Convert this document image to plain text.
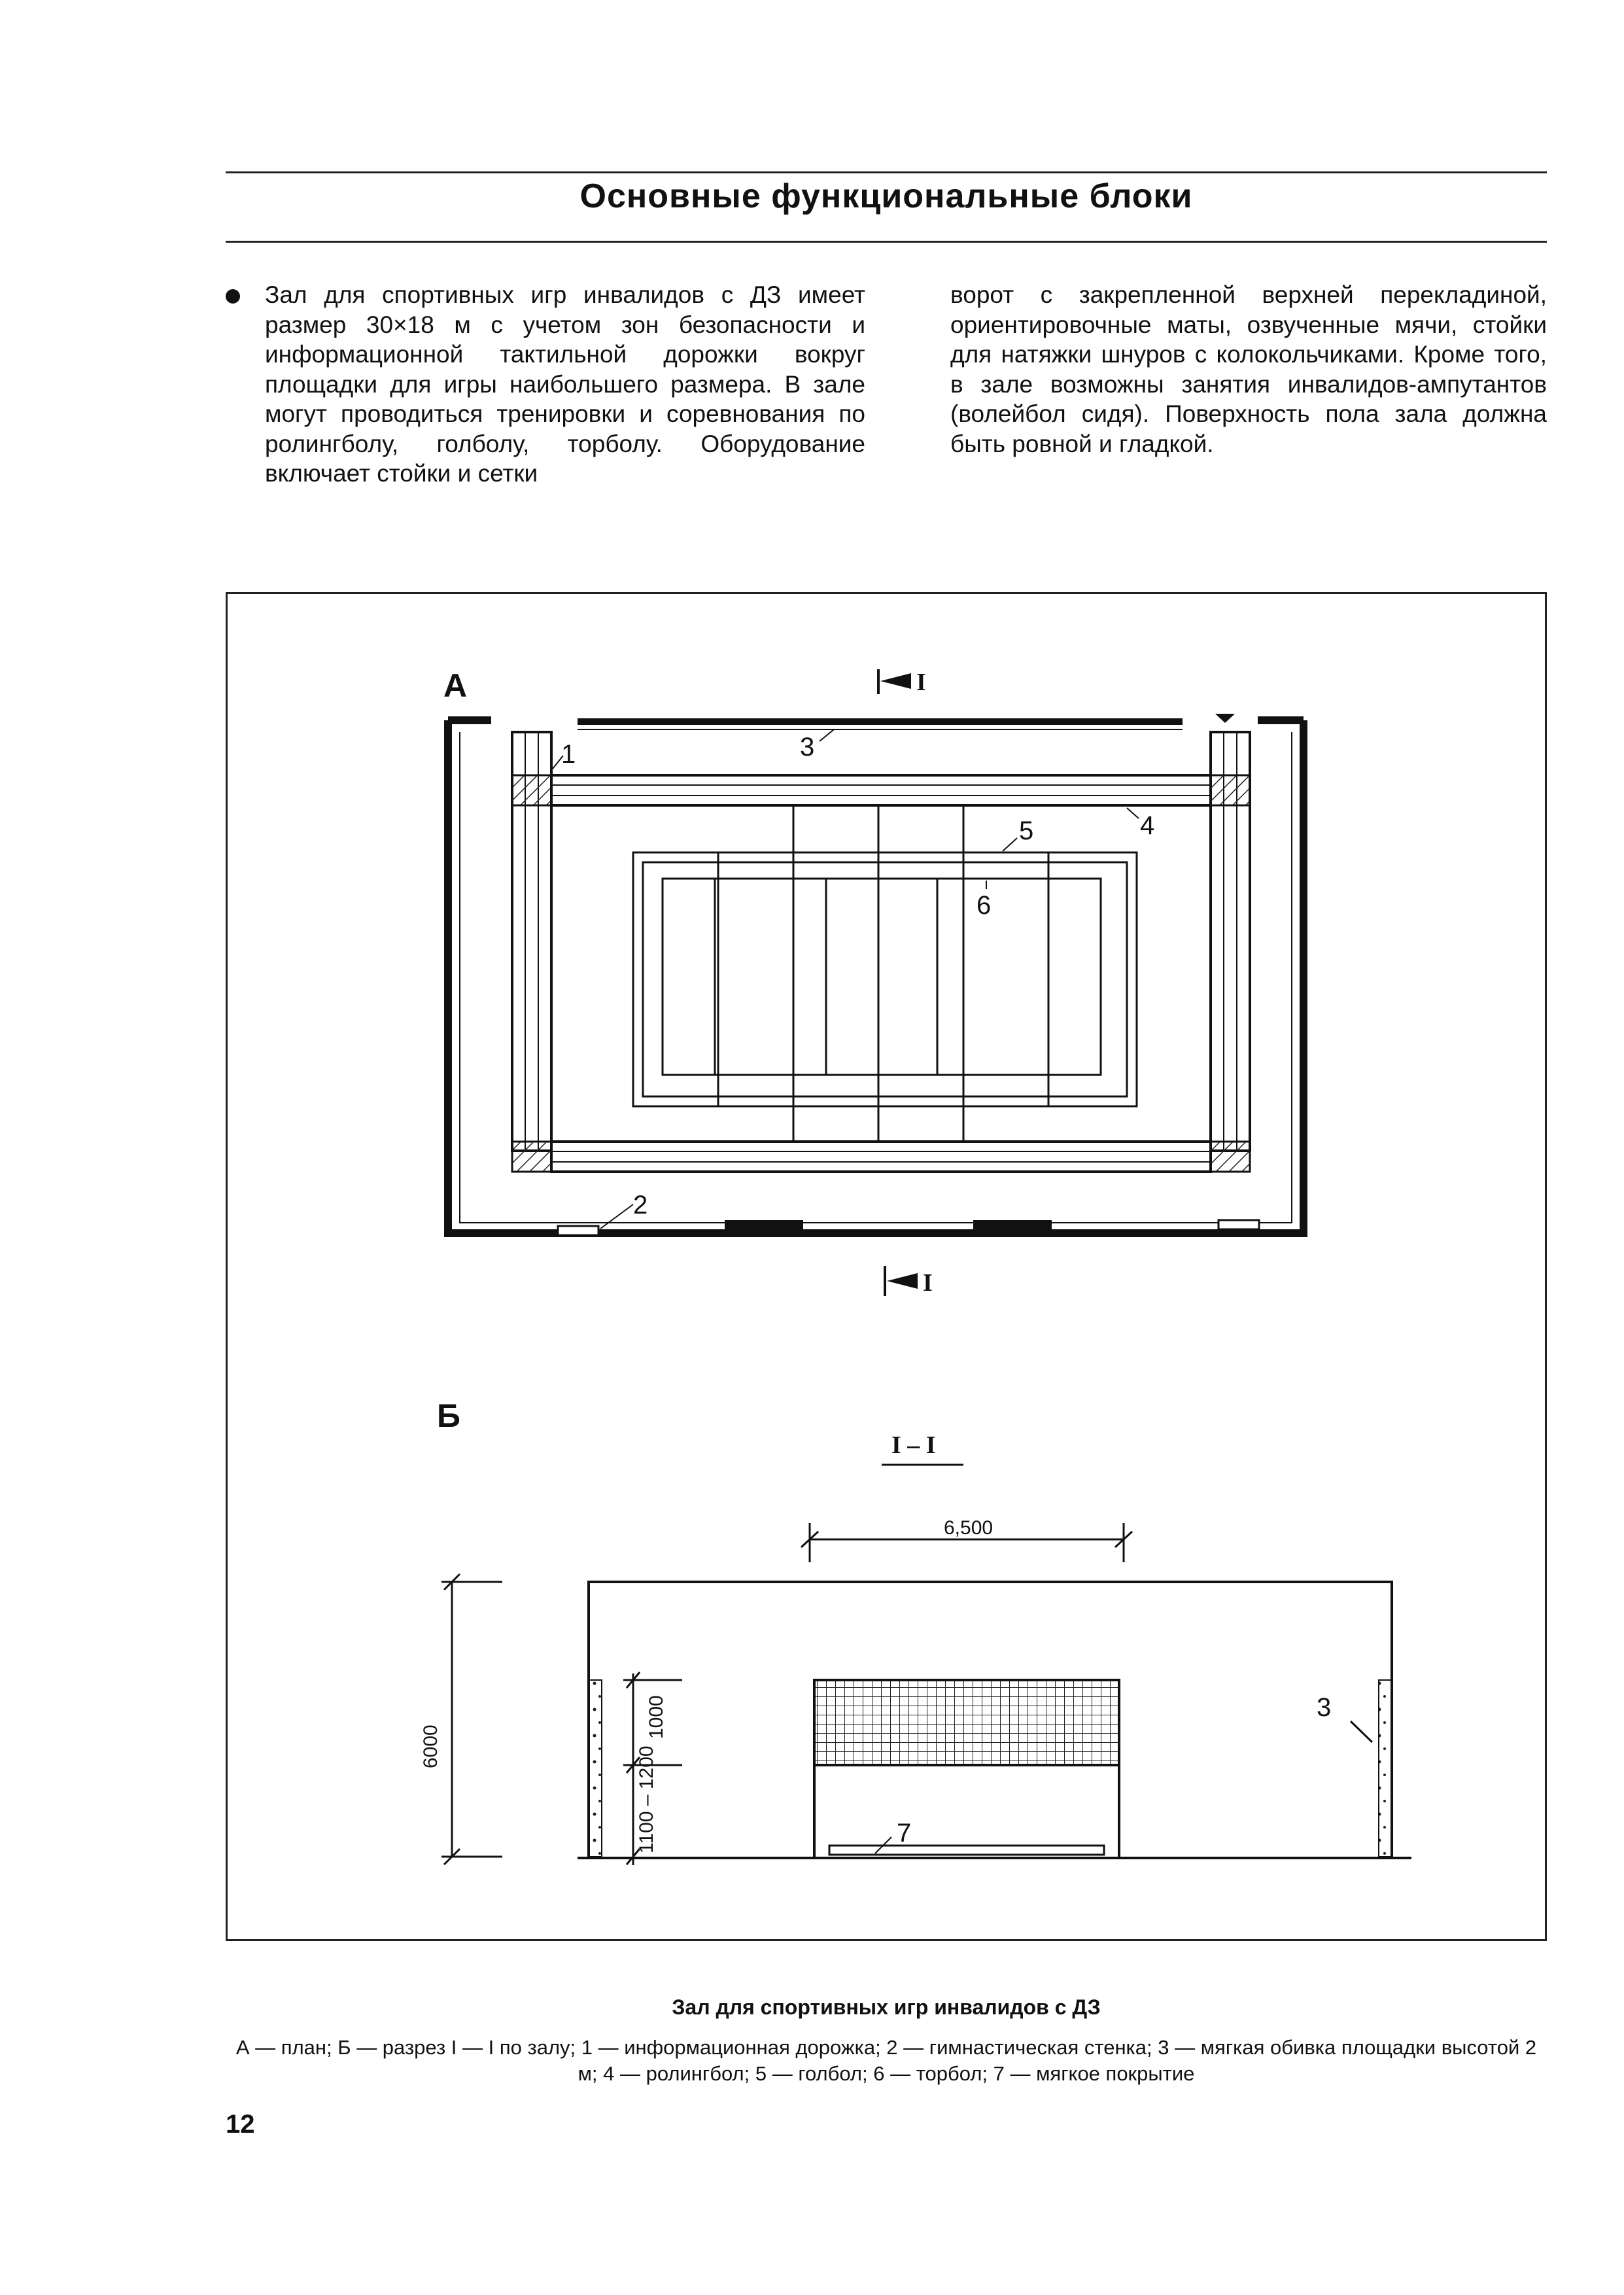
Основные функциональные блоки

Зал для спортивных игр инвалидов с ДЗ имеет размер 30×18 м с учетом зон безопасности и информационной тактильной дорожки вокруг площадки для игры наибольшего размера. В зале могут проводиться тренировки и соревнования по ролингболу, голболу, торболу. Оборудование включает стойки и сетки

ворот с закрепленной верхней перекладиной, ориентировочные маты, озвученные мячи, стойки для натяжки шнуров с колокольчиками. Кроме того, в зале возможны занятия инвалидов-ампутантов (волейбол сидя). Поверхность пола зала должна быть ровной и гладкой.

А	I
1
2
3
4
5
6
I
Б
I – I
6,500
6000
1000
1100 – 1200
3
7

Зал для спортивных игр инвалидов с ДЗ

А — план; Б — разрез I — I по залу; 1 — информационная дорожка; 2 — гимнастическая стенка; 3 — мягкая обивка площадки высотой 2 м; 4 — ролингбол; 5 — голбол; 6 — торбол; 7 — мягкое покрытие

12
